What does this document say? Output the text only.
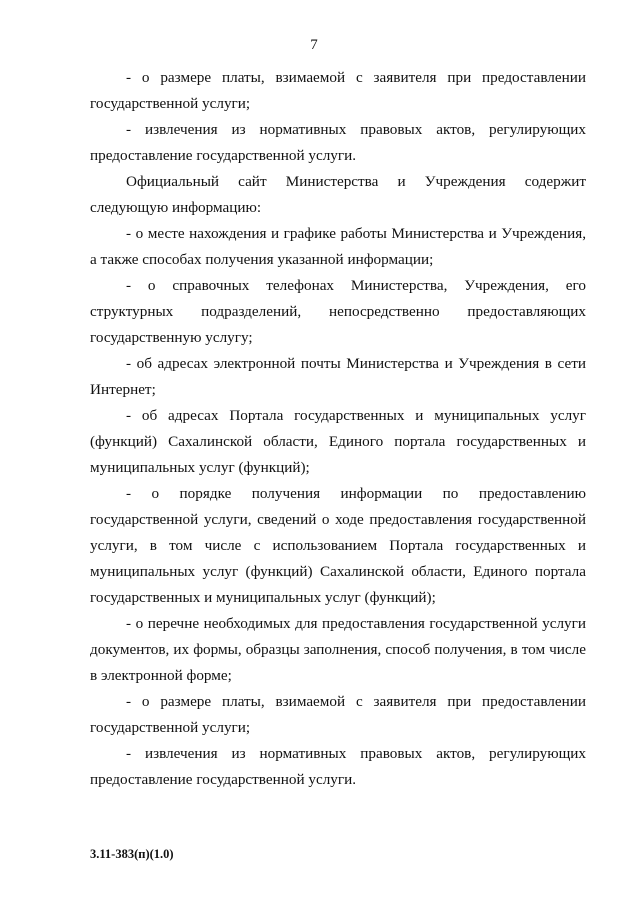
7

- о размере платы, взимаемой с заявителя при предоставлении государственной услуги;

- извлечения из нормативных правовых актов, регулирующих предоставление государственной услуги.

Официальный сайт Министерства и Учреждения содержит следующую информацию:

- о месте нахождения и графике работы Министерства и Учреждения, а также способах получения указанной информации;

- о справочных телефонах Министерства, Учреждения, его структурных подразделений, непосредственно предоставляющих государственную услугу;

- об адресах электронной почты Министерства и Учреждения в сети Интернет;

- об адресах Портала государственных и муниципальных услуг (функций) Сахалинской области, Единого портала государственных и муниципальных услуг (функций);

- о порядке получения информации по предоставлению государственной услуги, сведений о ходе предоставления государственной услуги, в том числе с использованием Портала государственных и муниципальных услуг (функций) Сахалинской области, Единого портала государственных и муниципальных услуг (функций);

- о перечне необходимых для предоставления государственной услуги документов, их формы, образцы заполнения, способ получения, в том числе в электронной форме;

- о размере платы, взимаемой с заявителя при предоставлении государственной услуги;

- извлечения из нормативных правовых актов, регулирующих предоставление государственной услуги.

3.11-383(п)(1.0)
